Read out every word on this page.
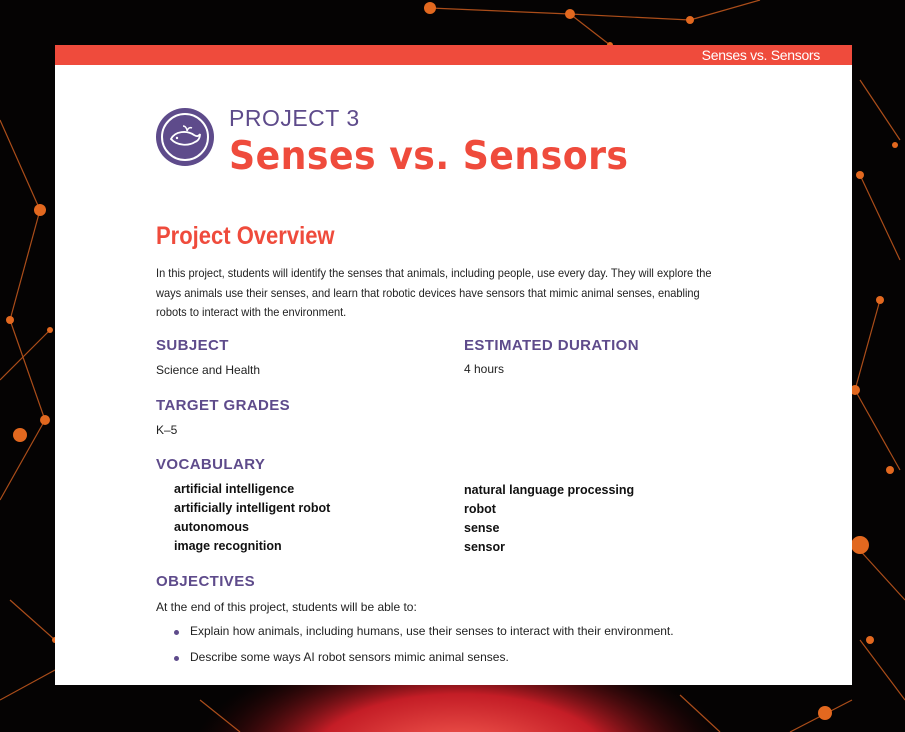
Senses vs. Sensors
PROJECT 3
Senses vs. Sensors
Project Overview
In this project, students will identify the senses that animals, including people, use every day. They will explore the ways animals use their senses, and learn that robotic devices have sensors that mimic animal senses, enabling robots to interact with the environment.
SUBJECT
Science and Health
ESTIMATED DURATION
4 hours
TARGET GRADES
K–5
VOCABULARY
artificial intelligence
artificially intelligent robot
autonomous
image recognition
natural language processing
robot
sense
sensor
OBJECTIVES
At the end of this project, students will be able to:
Explain how animals, including humans, use their senses to interact with their environment.
Describe some ways AI robot sensors mimic animal senses.
